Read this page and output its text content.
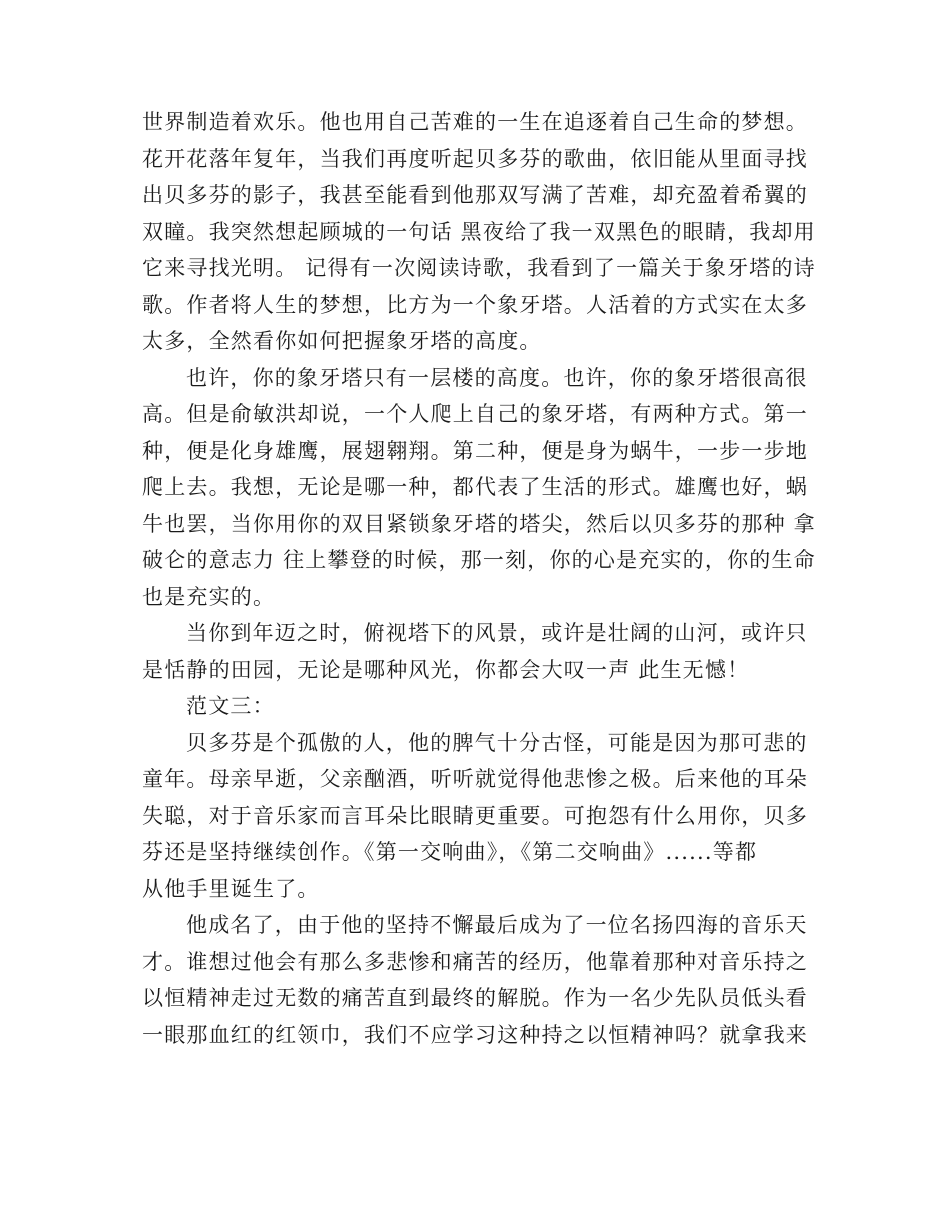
世界制造着欢乐。他也用自己苦难的一生在追逐着自己生命的梦想。
花开花落年复年，当我们再度听起贝多芬的歌曲，依旧能从里面寻找
出贝多芬的影子，我甚至能看到他那双写满了苦难，却充盈着希翼的
双瞳。我突然想起顾城的一句话 黑夜给了我一双黑色的眼睛，我却用
它来寻找光明。 记得有一次阅读诗歌，我看到了一篇关于象牙塔的诗
歌。作者将人生的梦想，比方为一个象牙塔。人活着的方式实在太多
太多，全然看你如何把握象牙塔的高度。

也许，你的象牙塔只有一层楼的高度。也许，你的象牙塔很高很
高。但是俞敏洪却说，一个人爬上自己的象牙塔，有两种方式。第一
种，便是化身雄鹰，展翅翱翔。第二种，便是身为蜗牛，一步一步地
爬上去。我想，无论是哪一种，都代表了生活的形式。雄鹰也好，蜗
牛也罢，当你用你的双目紧锁象牙塔的塔尖，然后以贝多芬的那种 拿
破仑的意志力 往上攀登的时候，那一刻，你的心是充实的，你的生命
也是充实的。

当你到年迈之时，俯视塔下的风景，或许是壮阔的山河，或许只
是恬静的田园，无论是哪种风光，你都会大叹一声 此生无憾！

范文三：

贝多芬是个孤傲的人，他的脾气十分古怪，可能是因为那可悲的
童年。母亲早逝，父亲酗酒，听听就觉得他悲惨之极。后来他的耳朵
失聪，对于音乐家而言耳朵比眼睛更重要。可抱怨有什么用你，贝多
芬还是坚持继续创作。《第一交响曲》，《第二交响曲》......等都
从他手里诞生了。

他成名了，由于他的坚持不懈最后成为了一位名扬四海的音乐天
才。谁想过他会有那么多悲惨和痛苦的经历，他靠着那种对音乐持之
以恒精神走过无数的痛苦直到最终的解脱。作为一名少先队员低头看
一眼那血红的红领巾，我们不应学习这种持之以恒精神吗？就拿我来
